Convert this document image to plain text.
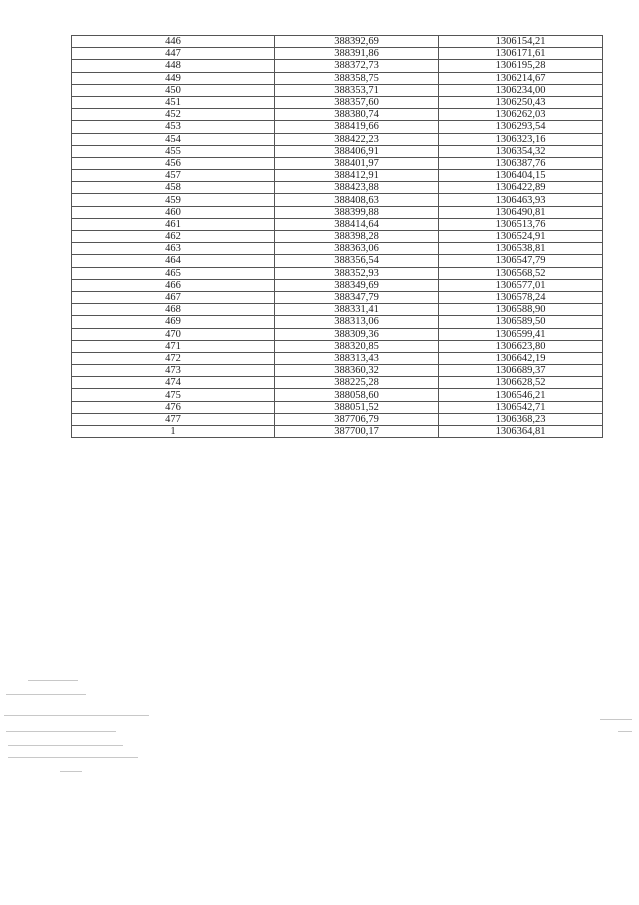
446	388392,69	1306154,21
447	388391,86	1306171,61
448	388372,73	1306195,28
449	388358,75	1306214,67
450	388353,71	1306234,00
451	388357,60	1306250,43
452	388380,74	1306262,03
453	388419,66	1306293,54
454	388422,23	1306323,16
455	388406,91	1306354,32
456	388401,97	1306387,76
457	388412,91	1306404,15
458	388423,88	1306422,89
459	388408,63	1306463,93
460	388399,88	1306490,81
461	388414,64	1306513,76
462	388398,28	1306524,91
463	388363,06	1306538,81
464	388356,54	1306547,79
465	388352,93	1306568,52
466	388349,69	1306577,01
467	388347,79	1306578,24
468	388331,41	1306588,90
469	388313,06	1306589,50
470	388309,36	1306599,41
471	388320,85	1306623,80
472	388313,43	1306642,19
473	388360,32	1306689,37
474	388225,28	1306628,52
475	388058,60	1306546,21
476	388051,52	1306542,71
477	387706,79	1306368,23
1	387700,17	1306364,81
